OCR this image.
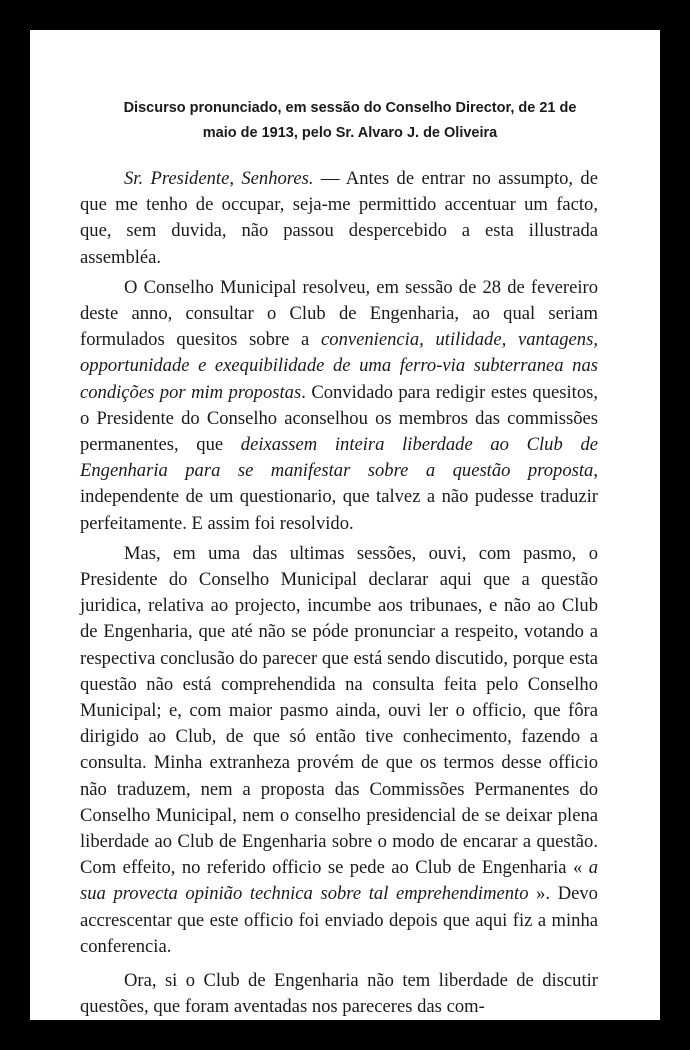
Discurso pronunciado, em sessão do Conselho Director, de 21 de
maio de 1913, pelo Sr. Alvaro J. de Oliveira

Sr. Presidente, Senhores. — Antes de entrar no assumpto, de que me tenho de occupar, seja-me permittido accentuar um facto, que, sem duvida, não passou despercebido a esta illustrada assembléa.

O Conselho Municipal resolveu, em sessão de 28 de fevereiro deste anno, consultar o Club de Engenharia, ao qual seriam formulados quesitos sobre a conveniencia, utilidade, vantagens, opportunidade e exequibilidade de uma ferro-via subterranea nas condições por mim propostas. Convidado para redigir estes quesitos, o Presidente do Conselho aconselhou os membros das commissões permanentes, que deixassem inteira liberdade ao Club de Engenharia para se manifestar sobre a questão proposta, independente de um questionario, que talvez a não pudesse traduzir perfeitamente. E assim foi resolvido.

Mas, em uma das ultimas sessões, ouvi, com pasmo, o Presidente do Conselho Municipal declarar aqui que a questão juridica, relativa ao projecto, incumbe aos tribunaes, e não ao Club de Engenharia, que até não se póde pronunciar a respeito, votando a respectiva conclusão do parecer que está sendo discutido, porque esta questão não está comprehendida na consulta feita pelo Conselho Municipal; e, com maior pasmo ainda, ouvi ler o officio, que fôra dirigido ao Club, de que só então tive conhecimento, fazendo a consulta. Minha extranheza provém de que os termos desse officio não traduzem, nem a proposta das Commissões Permanentes do Conselho Municipal, nem o conselho presidencial de se deixar plena liberdade ao Club de Engenharia sobre o modo de encarar a questão. Com effeito, no referido officio se pede ao Club de Engenharia « a sua provecta opinião technica sobre tal emprehendimento ». Devo accrescentar que este officio foi enviado depois que aqui fiz a minha conferencia.

Ora, si o Club de Engenharia não tem liberdade de discutir questões, que foram aventadas nos pareceres das com-
